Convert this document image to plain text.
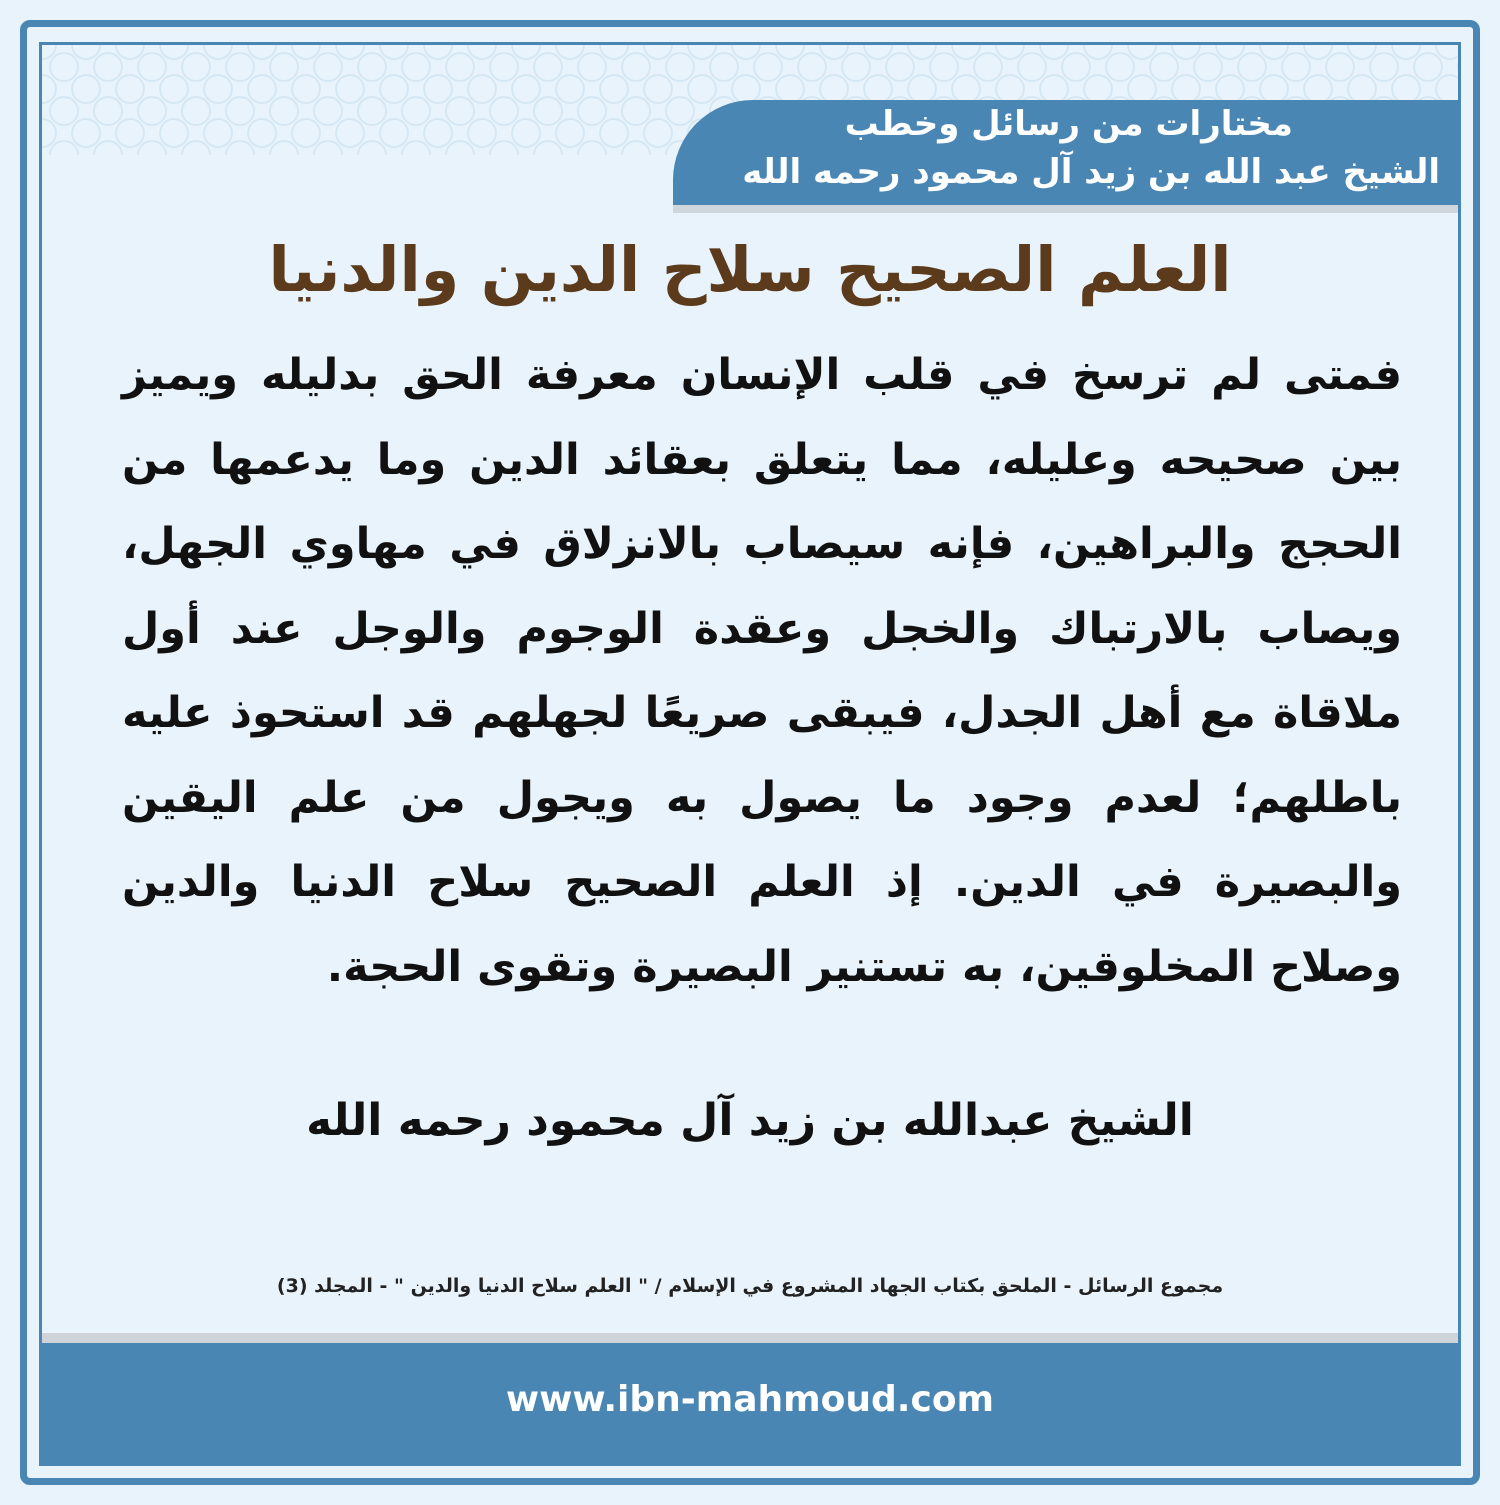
مختارات من رسائل وخطب
الشيخ عبد الله بن زيد آل محمود رحمه الله
العلم الصحيح سلاح الدين والدنيا
فمتى لم ترسخ في قلب الإنسان معرفة الحق بدليله ويميز بين صحيحه وعليله، مما يتعلق بعقائد الدين وما يدعمها من الحجج والبراهين، فإنه سيصاب بالانزلاق في مهاوي الجهل، ويصاب بالارتباك والخجل وعقدة الوجوم والوجل عند أول ملاقاة مع أهل الجدل، فيبقى صريعًا لجهلهم قد استحوذ عليه باطلهم؛ لعدم وجود ما يصول به ويجول من علم اليقين والبصيرة في الدين. إذ العلم الصحيح سلاح الدنيا والدين وصلاح المخلوقين، به تستنير البصيرة وتقوى الحجة.
الشيخ عبدالله بن زيد آل محمود رحمه الله
مجموع الرسائل - الملحق بكتاب الجهاد المشروع في الإسلام / " العلم سلاح الدنيا والدين " - المجلد (3)
www.ibn-mahmoud.com
